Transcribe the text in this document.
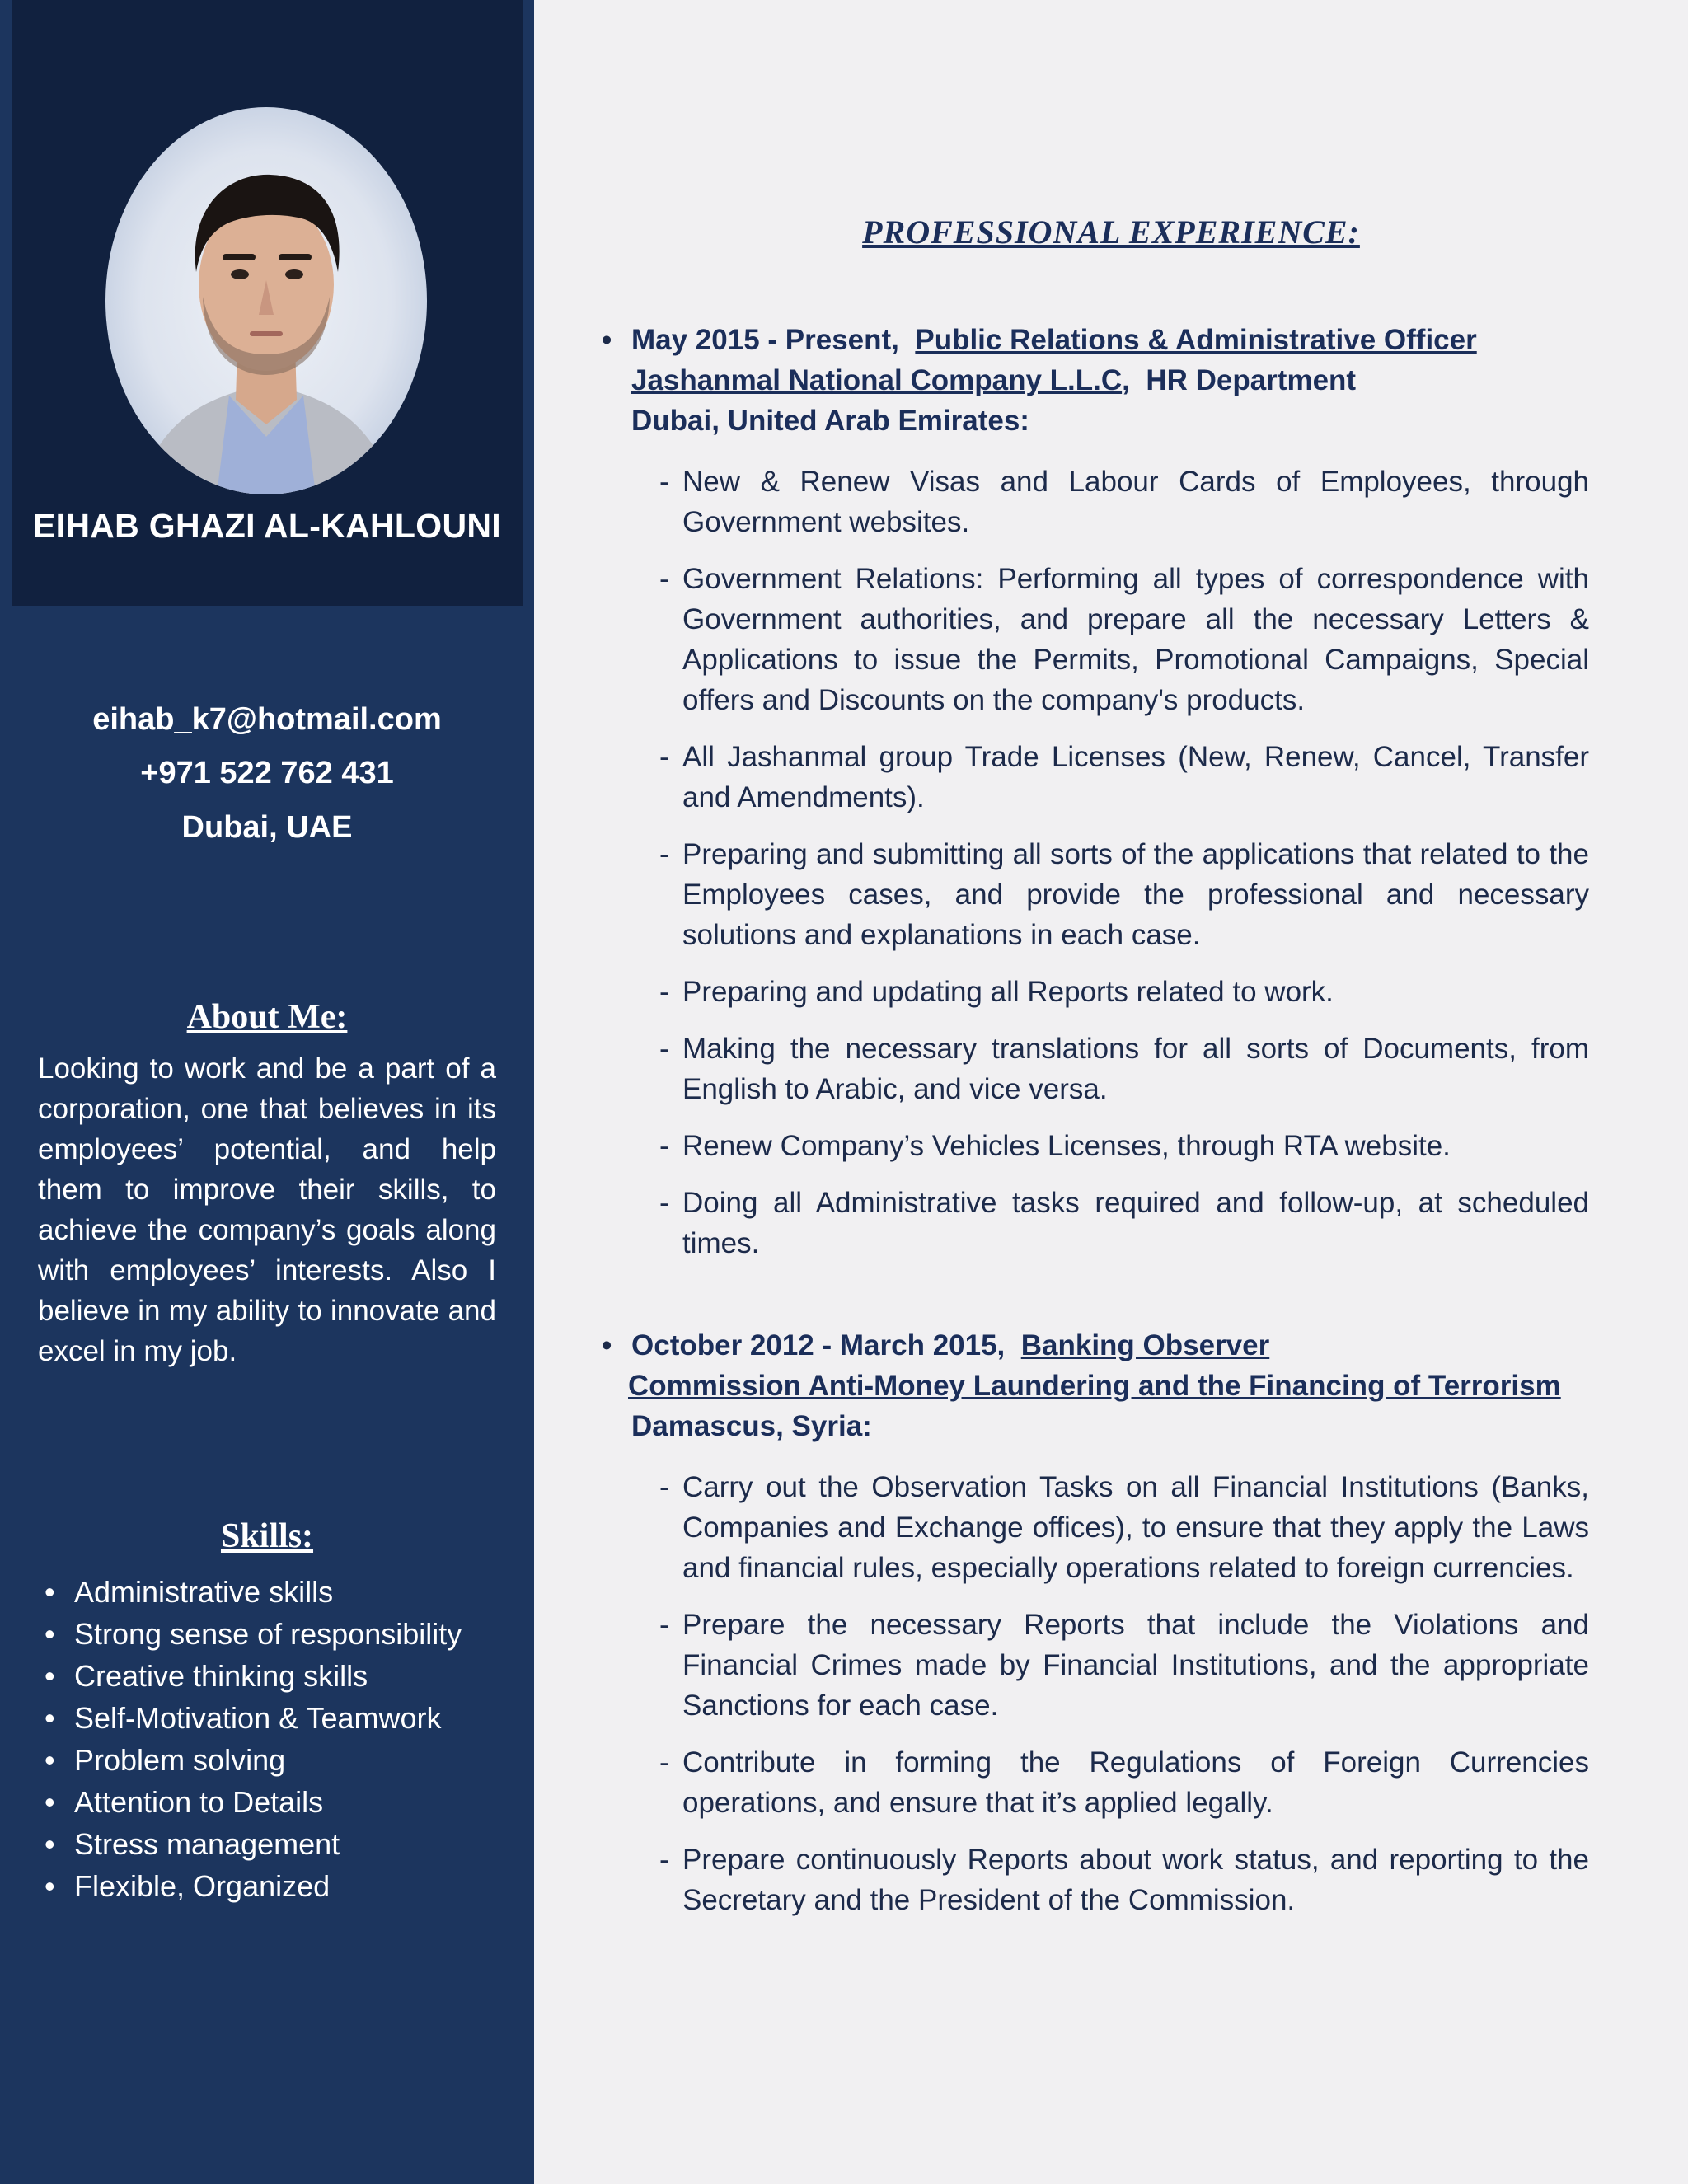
EIHAB GHAZI AL-KAHLOUNI
eihab_k7@hotmail.com
+971 522 762 431
Dubai, UAE
About Me:

Looking to work and be a part of a corporation, one that believes in its employees’ potential, and help them to improve their skills, to achieve the company’s goals along with employees’ interests. Also I believe in my ability to innovate and excel in my job.

Skills:
• Administrative skills
• Strong sense of responsibility
• Creative thinking skills
• Self-Motivation & Teamwork
• Problem solving
• Attention to Details
• Stress management
• Flexible, Organized
PROFESSIONAL EXPERIENCE:
• May 2015 - Present, Public Relations & Administrative Officer
Jashanmal National Company L.L.C,  HR Department
Dubai, United Arab Emirates:
- New & Renew Visas and Labour Cards of Employees, through Government websites.
- Government Relations: Performing all types of correspondence with Government authorities, and prepare all the necessary Letters & Applications to issue the Permits, Promotional Campaigns, Special offers and Discounts on the company's products.
- All Jashanmal group Trade Licenses (New, Renew, Cancel, Transfer and Amendments).
- Preparing and submitting all sorts of the applications that related to the Employees cases, and provide the professional and necessary solutions and explanations in each case.
- Preparing and updating all Reports related to work.
- Making the necessary translations for all sorts of Documents, from English to Arabic, and vice versa.
- Renew Company’s Vehicles Licenses, through RTA website.
- Doing all Administrative tasks required and follow-up, at scheduled times.
• October 2012 - March 2015, Banking Observer
Commission Anti-Money Laundering and the Financing of Terrorism
Damascus, Syria:
- Carry out the Observation Tasks on all Financial Institutions (Banks, Companies and Exchange offices), to ensure that they apply the Laws and financial rules, especially operations related to foreign currencies.
- Prepare the necessary Reports that include the Violations and Financial Crimes made by Financial Institutions, and the appropriate Sanctions for each case.
- Contribute in forming the Regulations of Foreign Currencies operations, and ensure that it’s applied legally.
- Prepare continuously Reports about work status, and reporting to the Secretary and the President of the Commission.
